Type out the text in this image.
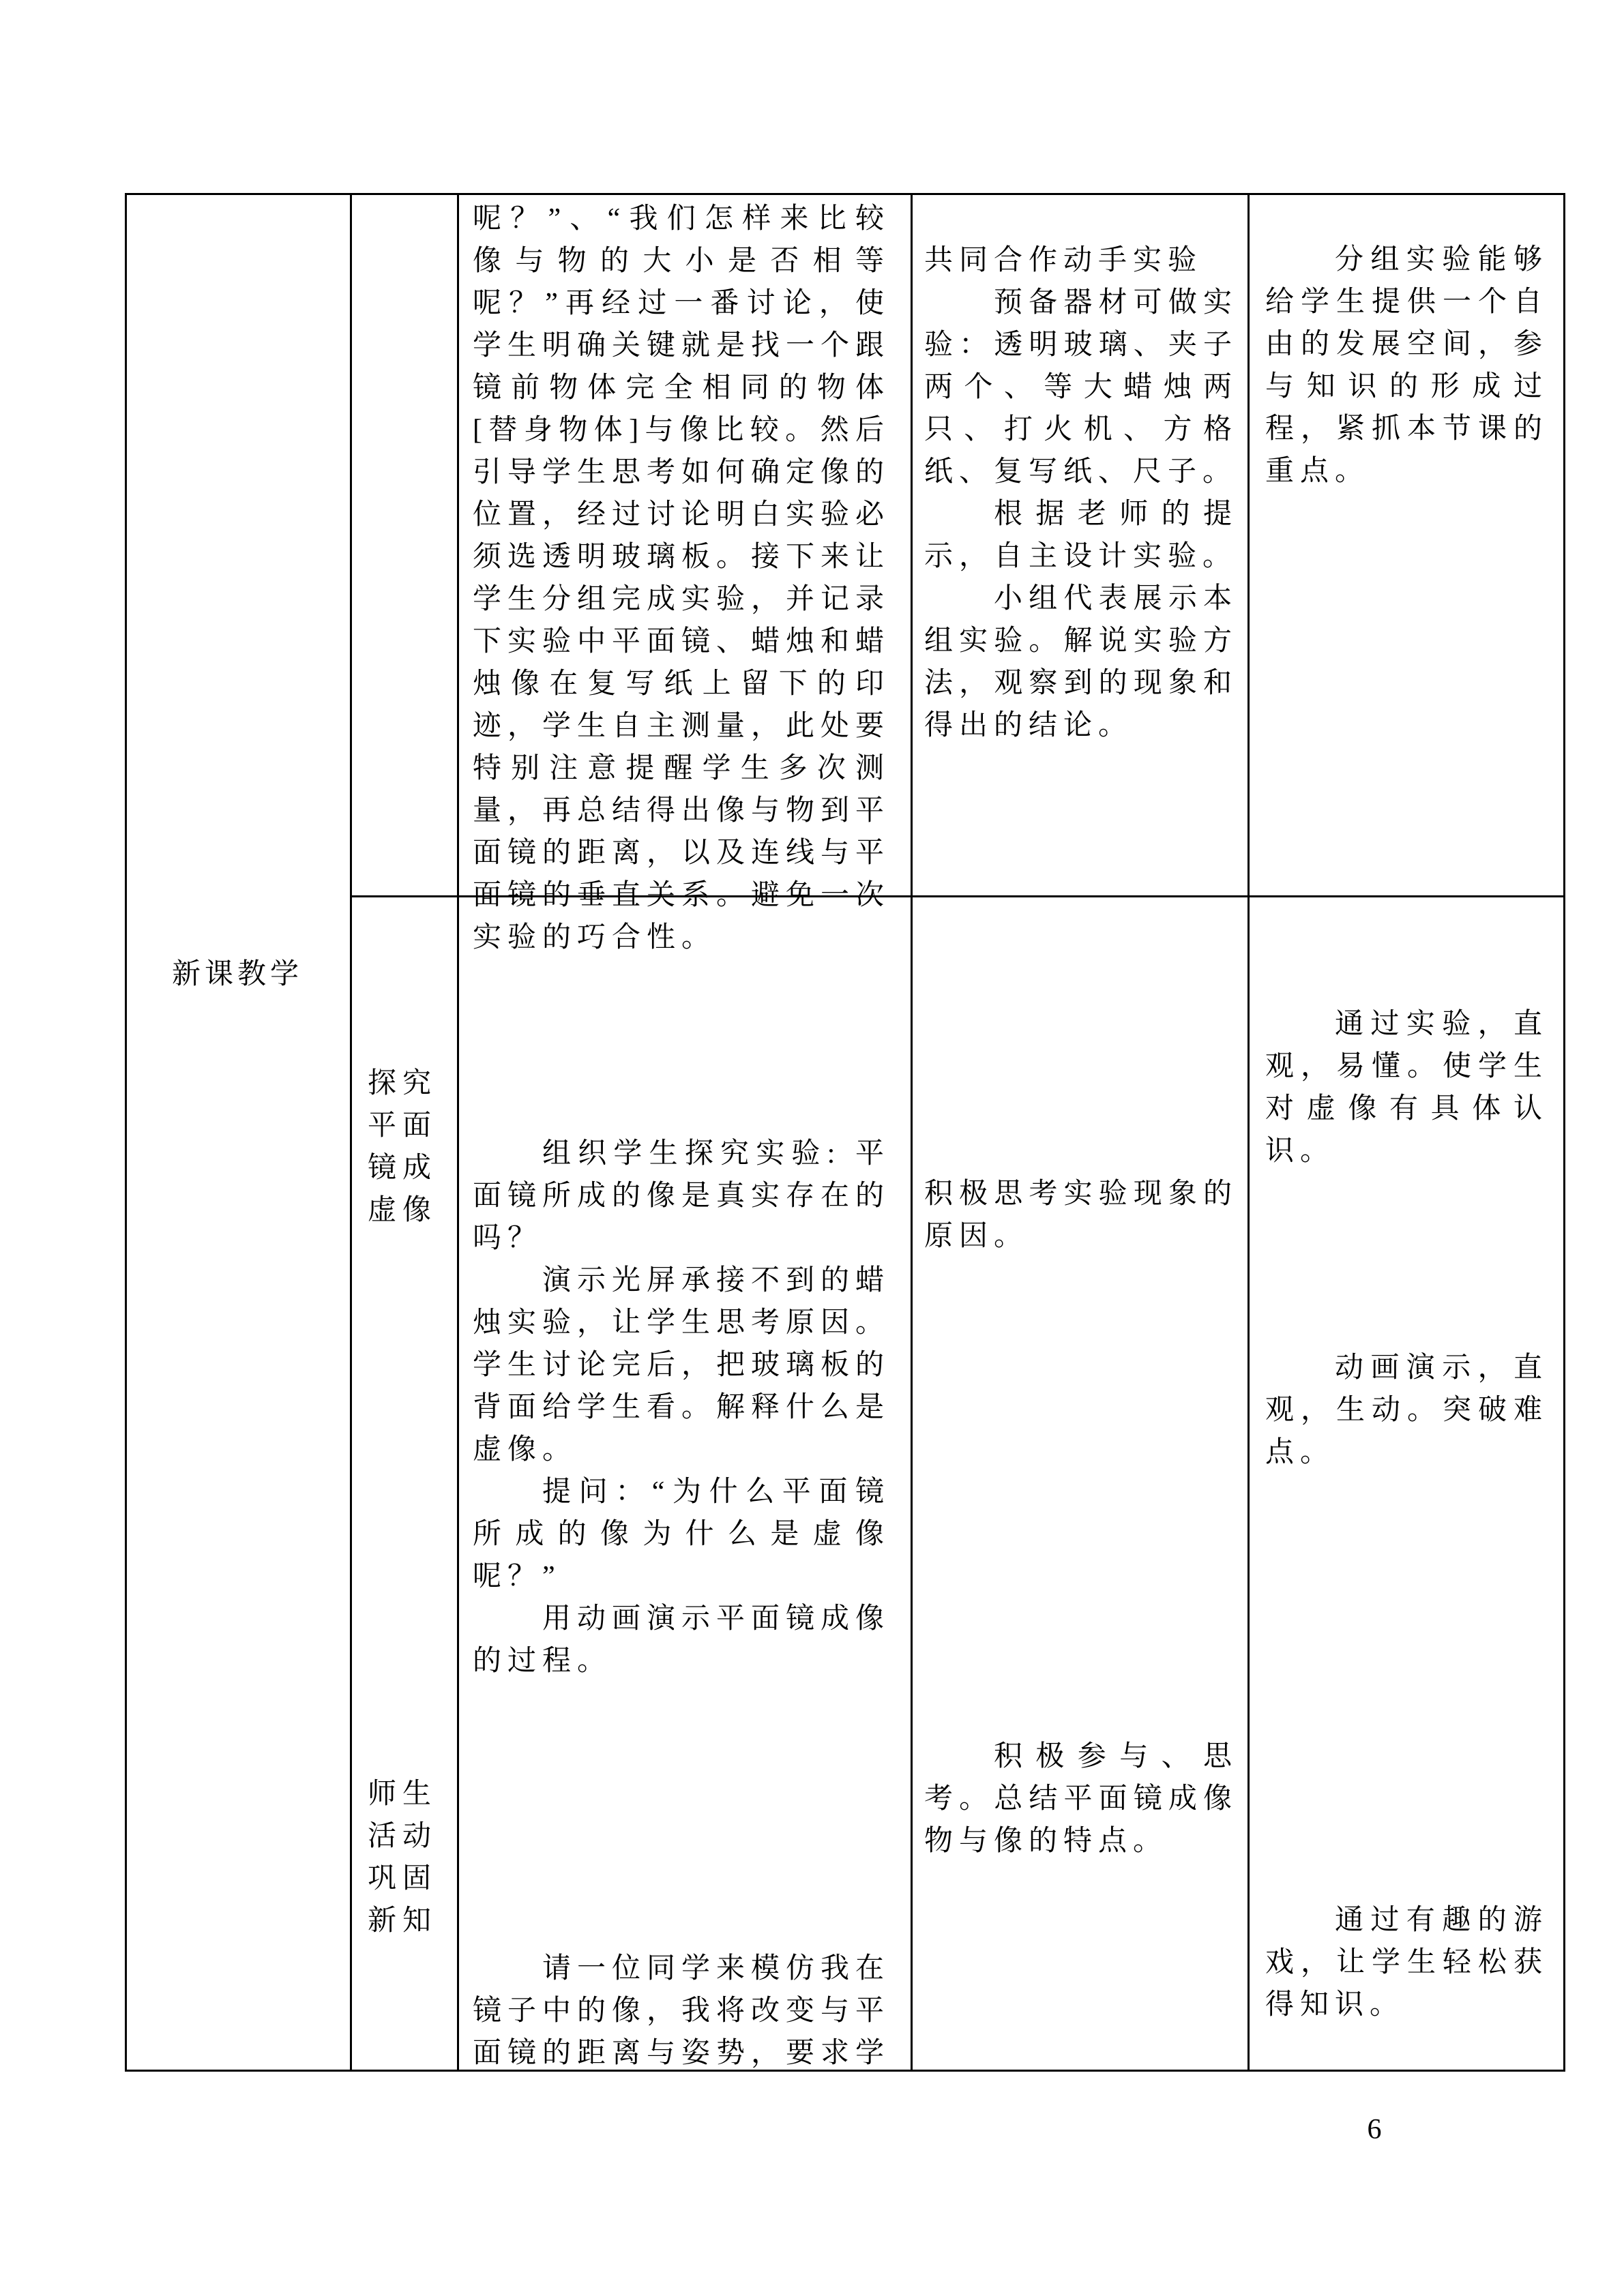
新课教学
探究平面镜成虚像
师生活动巩固新知

呢？”、“我们怎样来比较像与物的大小是否相等呢？”再经过一番讨论，使学生明确关键就是找一个跟镜前物体完全相同的物体[替身物体]与像比较。然后引导学生思考如何确定像的位置，经过讨论明白实验必须选透明玻璃板。接下来让学生分组完成实验，并记录下实验中平面镜、蜡烛和蜡烛像在复写纸上留下的印迹，学生自主测量，此处要特别注意提醒学生多次测量，再总结得出像与物到平面镜的距离，以及连线与平面镜的垂直关系。避免一次实验的巧合性。

共同合作动手实验

预备器材可做实验：透明玻璃、夹子两个、等大蜡烛两只、打火机、方格纸、复写纸、尺子。

根据老师的提示，自主设计实验。

小组代表展示本组实验。解说实验方法，观察到的现象和得出的结论。

分组实验能够给学生提供一个自由的发展空间，参与知识的形成过程，紧抓本节课的重点。

组织学生探究实验: 平面镜所成的像是真实存在的吗？

演示光屏承接不到的蜡烛实验，让学生思考原因。学生讨论完后，把玻璃板的背面给学生看。解释什么是虚像。

提问：“为什么平面镜所成的像为什么是虚像呢？”

用动画演示平面镜成像的过程。

积极思考实验现象的原因。

通过实验，直观，易懂。使学生对虚像有具体认识。

动画演示，直观，生动。突破难点。

积极参与、思考。总结平面镜成像物与像的特点。

通过有趣的游戏，让学生轻松获得知识。

请一位同学来模仿我在镜子中的像，我将改变与平面镜的距离与姿势，要求学

6
